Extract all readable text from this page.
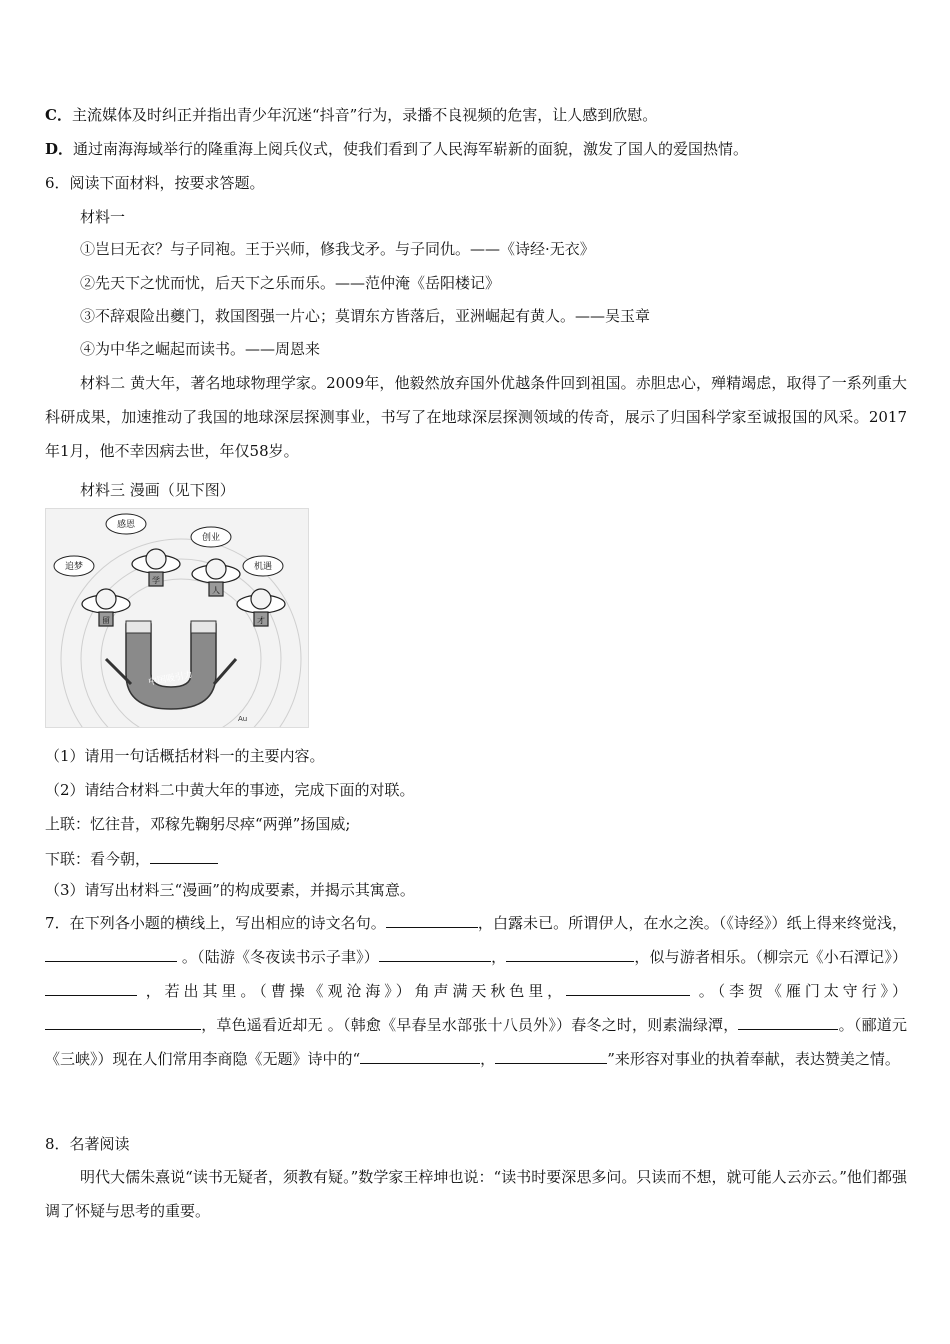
C．主流媒体及时纠正并指出青少年沉迷“抖音”行为，录播不良视频的危害，让人感到欣慰。
D．通过南海海域举行的隆重海上阅兵仪式，使我们看到了人民海军崭新的面貌，激发了国人的爱国热情。
6．阅读下面材料，按要求答题。
材料一
①岂曰无衣？与子同袍。王于兴师，修我戈矛。与子同仇。——《诗经·无衣》
②先天下之忧而忧，后天下之乐而乐。——范仲淹《岳阳楼记》
③不辞艰险出夔门，救国图强一片心；莫谓东方皆落后，亚洲崛起有黄人。——吴玉章
④为中华之崛起而读书。——周恩来
材料二 黄大年，著名地球物理学家。2009年，他毅然放弃国外优越条件回到祖国。赤胆忠心，殚精竭虑，取得了一系列重大科研成果，加速推动了我国的地球深层探测事业，书写了在地球深层探测领域的传奇，展示了归国科学家至诚报国的风采。2017年1月，他不幸因病去世，年仅58岁。
材料三 漫画（见下图）
中国吸引力
学
留
人
才
感恩
创业
机遇
追梦
Au
（1）请用一句话概括材料一的主要内容。
（2）请结合材料二中黄大年的事迹，完成下面的对联。
上联：忆往昔，邓稼先鞠躬尽瘁“两弹”扬国威;
下联：看今朝，
（3）请写出材料三“漫画”的构成要素，并揭示其寓意。
7．在下列各小题的横线上，写出相应的诗文名句。	，白露未已。所谓伊人，在水之涘。（《诗经》）纸上得来终觉浅， 。（陆游《冬夜读书示子聿》）	，	，似与游者相乐。（柳宗元《小石潭记》）  ，若出其里。（曹操《观沧海》）角声满天秋色里，	。（李贺《雁门太守行》），草色遥看近却无 。（韩愈《早春呈水部张十八员外》）春冬之时，则素湍绿潭，	。（郦道元《三峡》）现在人们常用李商隐《无题》诗中的“	，	”来形容对事业的执着奉献，表达赞美之情。
8．名著阅读
明代大儒朱熹说“读书无疑者，须教有疑。”数学家王梓坤也说：“读书时要深思多问。只读而不想，就可能人云亦云。”他们都强调了怀疑与思考的重要。
